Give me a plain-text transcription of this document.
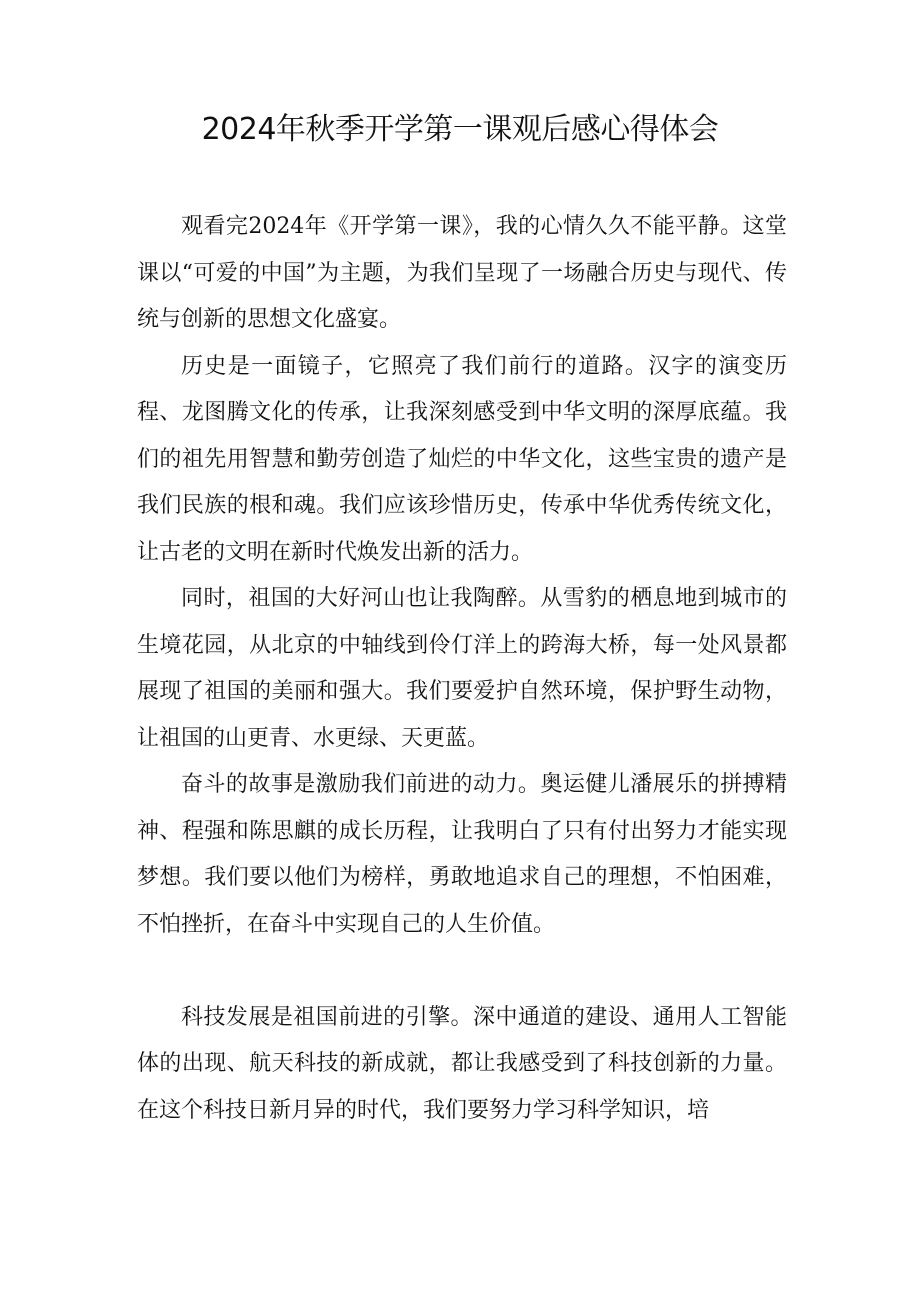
2024年秋季开学第一课观后感心得体会

观看完2024年《开学第一课》，我的心情久久不能平静。这堂课以“可爱的中国”为主题，为我们呈现了一场融合历史与现代、传统与创新的思想文化盛宴。

历史是一面镜子，它照亮了我们前行的道路。汉字的演变历程、龙图腾文化的传承，让我深刻感受到中华文明的深厚底蕴。我们的祖先用智慧和勤劳创造了灿烂的中华文化，这些宝贵的遗产是我们民族的根和魂。我们应该珍惜历史，传承中华优秀传统文化，让古老的文明在新时代焕发出新的活力。

同时，祖国的大好河山也让我陶醉。从雪豹的栖息地到城市的生境花园，从北京的中轴线到伶仃洋上的跨海大桥，每一处风景都展现了祖国的美丽和强大。我们要爱护自然环境，保护野生动物，让祖国的山更青、水更绿、天更蓝。

奋斗的故事是激励我们前进的动力。奥运健儿潘展乐的拼搏精神、程强和陈思麒的成长历程，让我明白了只有付出努力才能实现梦想。我们要以他们为榜样，勇敢地追求自己的理想，不怕困难，不怕挫折，在奋斗中实现自己的人生价值。

科技发展是祖国前进的引擎。深中通道的建设、通用人工智能体的出现、航天科技的新成就，都让我感受到了科技创新的力量。在这个科技日新月异的时代，我们要努力学习科学知识，培
